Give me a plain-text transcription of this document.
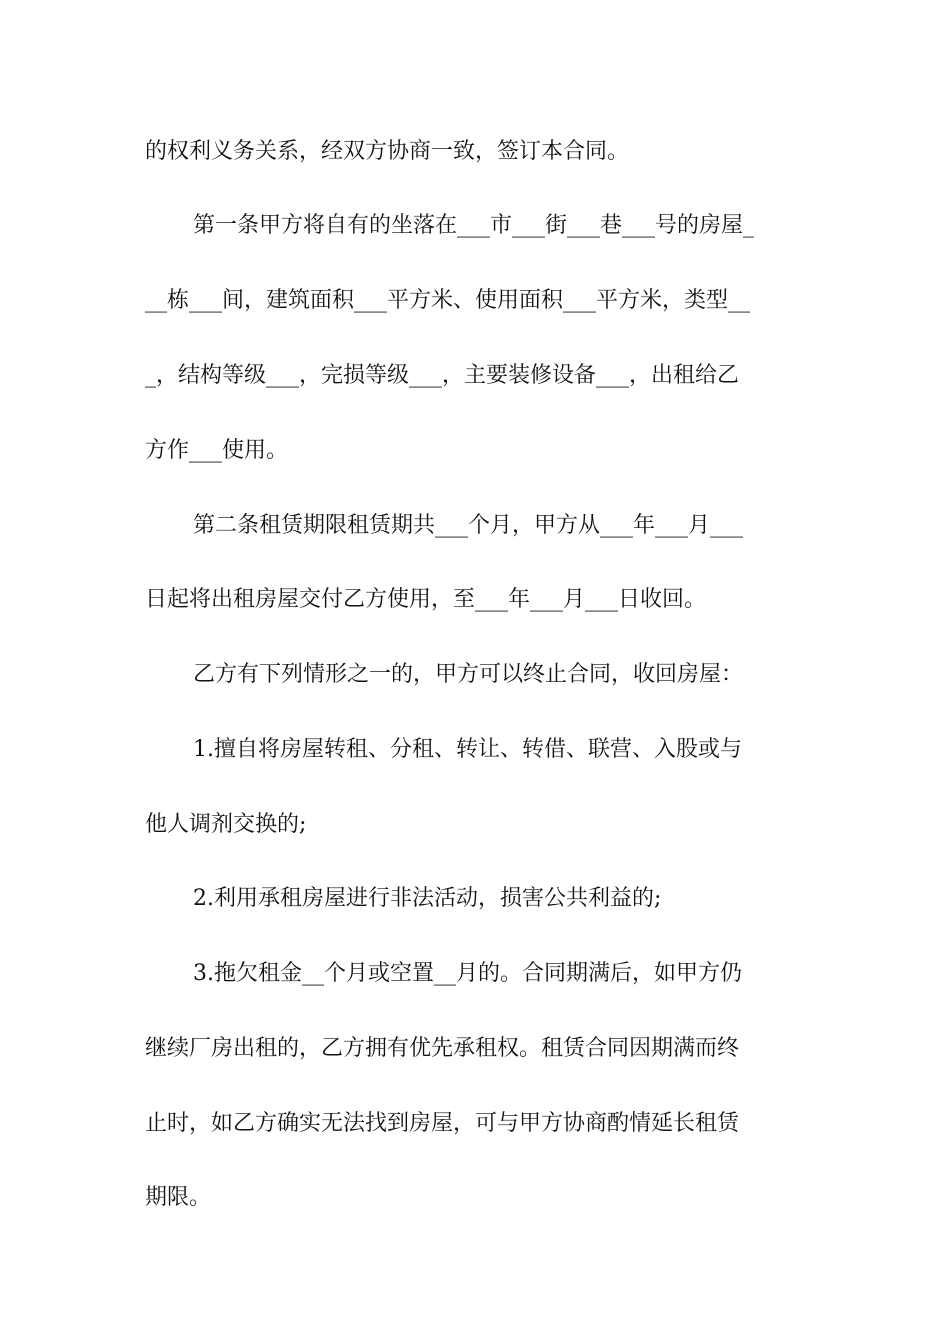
的权利义务关系，经双方协商一致，签订本合同。
第一条甲方将自有的坐落在___市___街___巷___号的房屋_
__栋___间，建筑面积___平方米、使用面积___平方米，类型__
_，结构等级___，完损等级___，主要装修设备___，出租给乙
方作___使用。
第二条租赁期限租赁期共___个月，甲方从___年___月___
日起将出租房屋交付乙方使用，至___年___月___日收回。
乙方有下列情形之一的，甲方可以终止合同，收回房屋：
1.擅自将房屋转租、分租、转让、转借、联营、入股或与
他人调剂交换的;
2.利用承租房屋进行非法活动，损害公共利益的;
3.拖欠租金__个月或空置__月的。合同期满后，如甲方仍
继续厂房出租的，乙方拥有优先承租权。租赁合同因期满而终
止时，如乙方确实无法找到房屋，可与甲方协商酌情延长租赁
期限。
